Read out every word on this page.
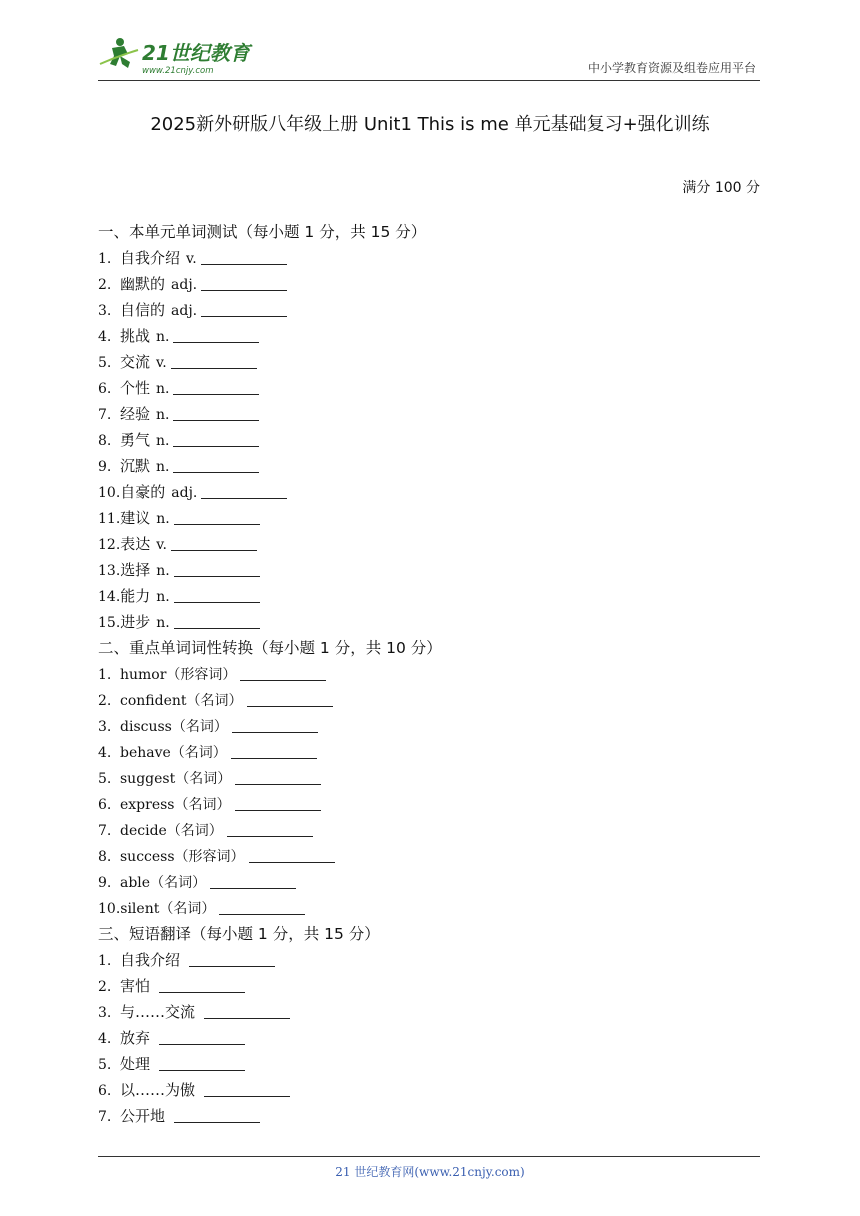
21世纪教育
www.21cnjy.com	中小学教育资源及组卷应用平台
2025新外研版八年级上册 Unit1 This is me 单元基础复习+强化训练
满分 100 分
一、本单元单词测试（每小题 1 分，共 15 分）
1. 自我介绍 v.
2. 幽默的 adj.
3. 自信的 adj.
4. 挑战 n.
5. 交流 v.
6. 个性 n.
7. 经验 n.
8. 勇气 n.
9. 沉默 n.
10.自豪的 adj.
11.建议 n.
12.表达 v.
13.选择 n.
14.能力 n.
15.进步 n.
二、重点单词词性转换（每小题 1 分，共 10 分）
1. humor（形容词）
2. confident（名词）
3. discuss（名词）
4. behave（名词）
5. suggest（名词）
6. express（名词）
7. decide（名词）
8. success（形容词）
9. able（名词）
10.silent（名词）
三、短语翻译（每小题 1 分，共 15 分）
1. 自我介绍
2. 害怕
3. 与……交流
4. 放弃
5. 处理
6. 以……为傲
7. 公开地
21 世纪教育网(www.21cnjy.com)
